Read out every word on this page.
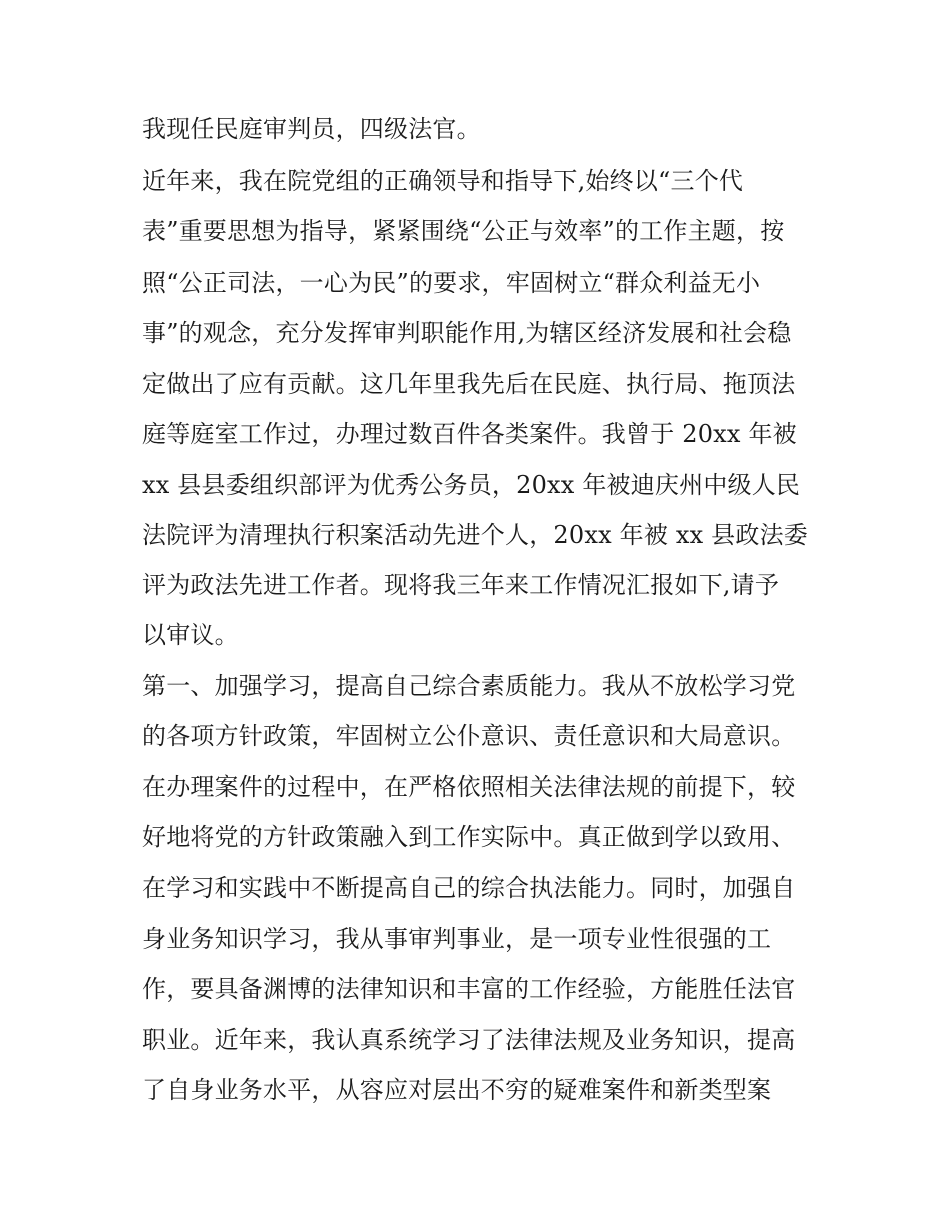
我现任民庭审判员，四级法官。
近年来，我在院党组的正确领导和指导下,始终以“三个代
表”重要思想为指导，紧紧围绕“公正与效率”的工作主题，按
照“公正司法，一心为民”的要求，牢固树立“群众利益无小
事”的观念，充分发挥审判职能作用,为辖区经济发展和社会稳
定做出了应有贡献。这几年里我先后在民庭、执行局、拖顶法
庭等庭室工作过，办理过数百件各类案件。我曾于 20xx 年被
xx 县县委组织部评为优秀公务员，20xx 年被迪庆州中级人民
法院评为清理执行积案活动先进个人，20xx 年被 xx 县政法委
评为政法先进工作者。现将我三年来工作情况汇报如下,请予
以审议。
第一、加强学习，提高自己综合素质能力。我从不放松学习党
的各项方针政策，牢固树立公仆意识、责任意识和大局意识。
在办理案件的过程中，在严格依照相关法律法规的前提下，较
好地将党的方针政策融入到工作实际中。真正做到学以致用、
在学习和实践中不断提高自己的综合执法能力。同时，加强自
身业务知识学习，我从事审判事业，是一项专业性很强的工
作，要具备渊博的法律知识和丰富的工作经验，方能胜任法官
职业。近年来，我认真系统学习了法律法规及业务知识，提高
了自身业务水平，从容应对层出不穷的疑难案件和新类型案
